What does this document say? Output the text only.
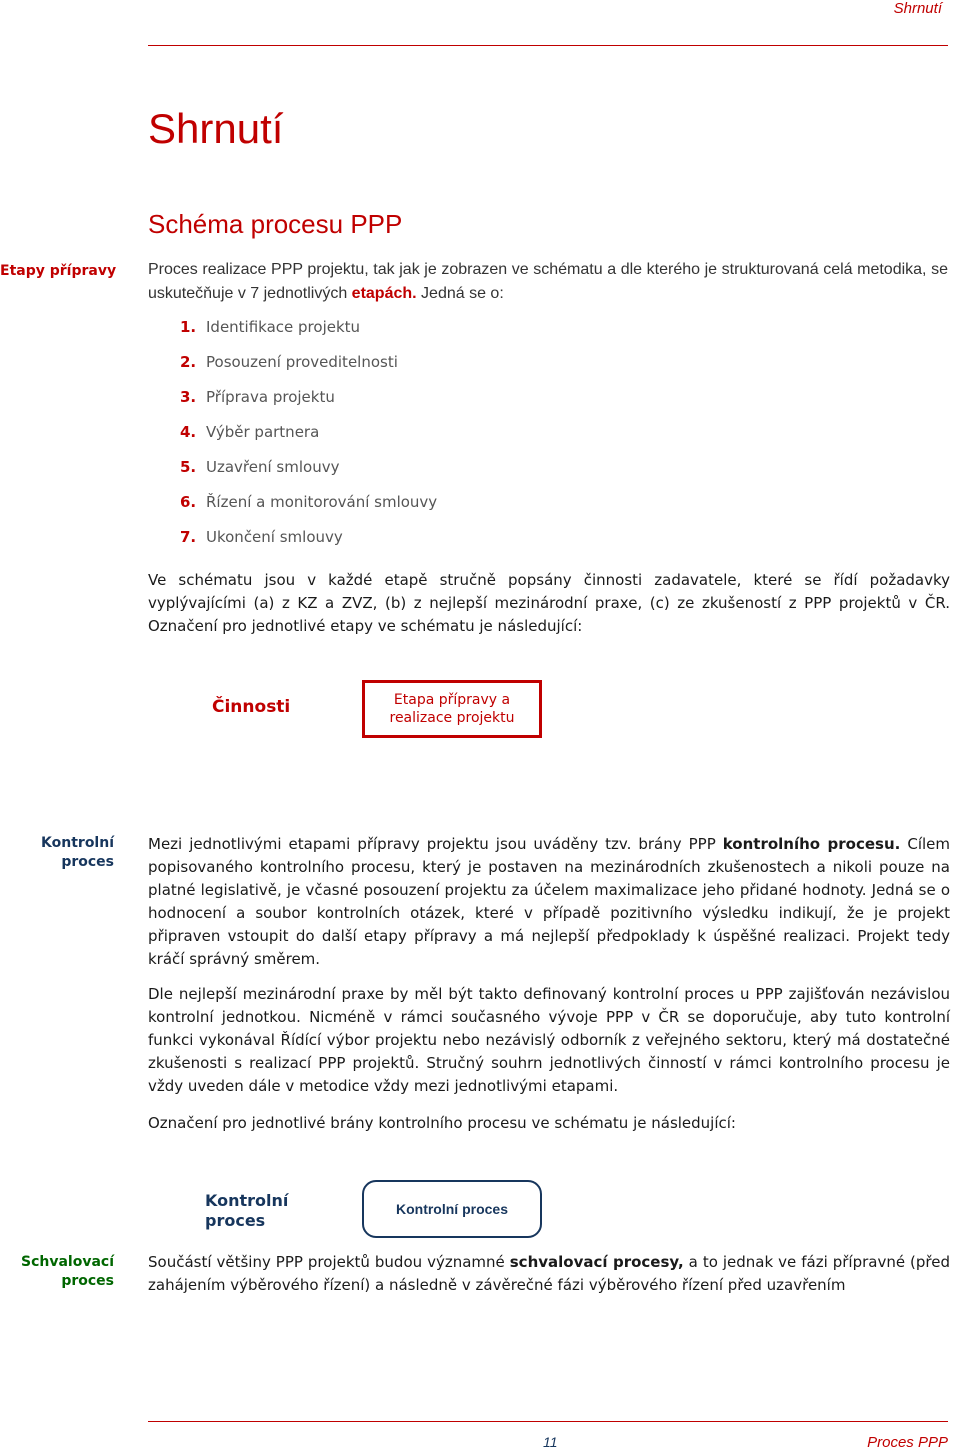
Shrnutí
Shrnutí
Schéma procesu PPP
Etapy přípravy
Kontrolní
proces
Schvalovací
proces
Proces realizace PPP projektu, tak jak je zobrazen ve schématu a dle kterého je strukturovaná celá metodika, se uskutečňuje v 7 jednotlivých etapách. Jedná se o:
1. Identifikace projektu
2. Posouzení proveditelnosti
3. Příprava projektu
4. Výběr partnera
5. Uzavření smlouvy
6. Řízení a monitorování smlouvy
7. Ukončení smlouvy
Ve schématu jsou v každé etapě stručně popsány činnosti zadavatele, které se řídí požadavky vyplývajícími (a) z KZ a ZVZ, (b) z nejlepší mezinárodní praxe, (c) ze zkušeností z PPP projektů v ČR. Označení pro jednotlivé etapy ve schématu je následující:
Činnosti	Etapa přípravy a realizace projektu
Mezi jednotlivými etapami přípravy projektu jsou uváděny tzv. brány PPP kontrolního procesu. Cílem popisovaného kontrolního procesu, který je postaven na mezinárodních zkušenostech a nikoli pouze na platné legislativě, je včasné posouzení projektu za účelem maximalizace jeho přidané hodnoty. Jedná se o hodnocení a soubor kontrolních otázek, které v případě pozitivního výsledku indikují, že je projekt připraven vstoupit do další etapy přípravy a má nejlepší předpoklady k úspěšné realizaci. Projekt tedy kráčí správný směrem.
Dle nejlepší mezinárodní praxe by měl být takto definovaný kontrolní proces u PPP zajišťován nezávislou kontrolní jednotkou. Nicméně v rámci současného vývoje PPP v ČR se doporučuje, aby tuto kontrolní funkci vykonával Řídící výbor projektu nebo nezávislý odborník z veřejného sektoru, který má dostatečné zkušenosti s realizací PPP projektů. Stručný souhrn jednotlivých činností v rámci kontrolního procesu je vždy uveden dále v metodice vždy mezi jednotlivými etapami.
Označení pro jednotlivé brány kontrolního procesu ve schématu je následující:
Kontrolní
proces
Kontrolní proces
Součástí většiny PPP projektů budou významné schvalovací procesy, a to jednak ve fázi přípravné (před zahájením výběrového řízení) a následně v závěrečné fázi výběrového řízení před uzavřením
11	Proces PPP
